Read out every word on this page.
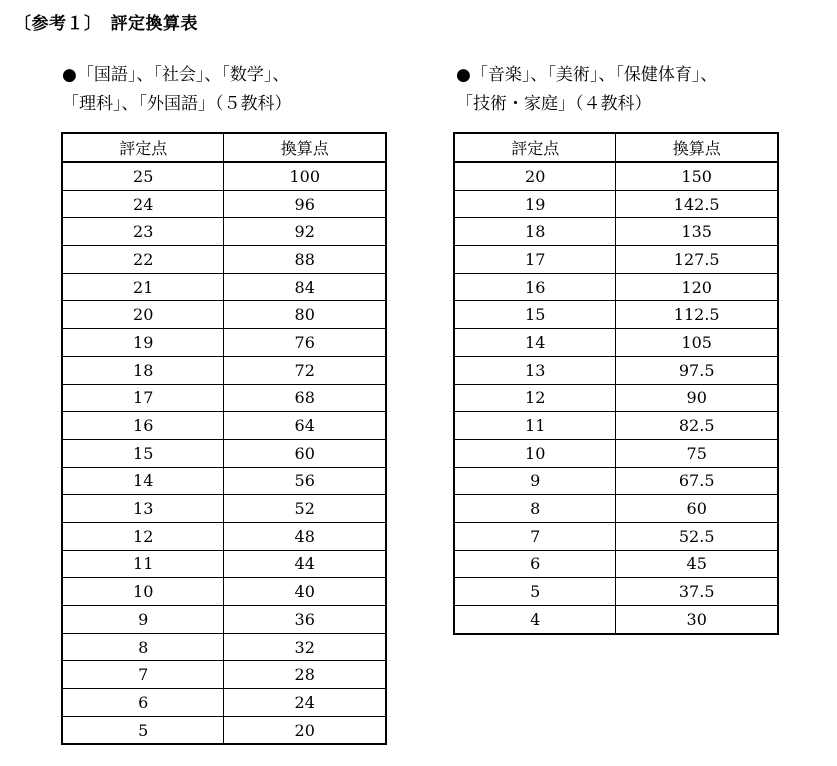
〔参考１〕　評定換算表
●「国語」、「社会」、「数学」、
「理科」、「外国語」（５教科）
●「音楽」、「美術」、「保健体育」、
「技術・家庭」（４教科）
評定点	換算点
25	100
24	96
23	92
22	88
21	84
20	80
19	76
18	72
17	68
16	64
15	60
14	56
13	52
12	48
11	44
10	40
9	36
8	32
7	28
6	24
5	20
評定点	換算点
20	150
19	142.5
18	135
17	127.5
16	120
15	112.5
14	105
13	97.5
12	90
11	82.5
10	75
9	67.5
8	60
7	52.5
6	45
5	37.5
4	30
